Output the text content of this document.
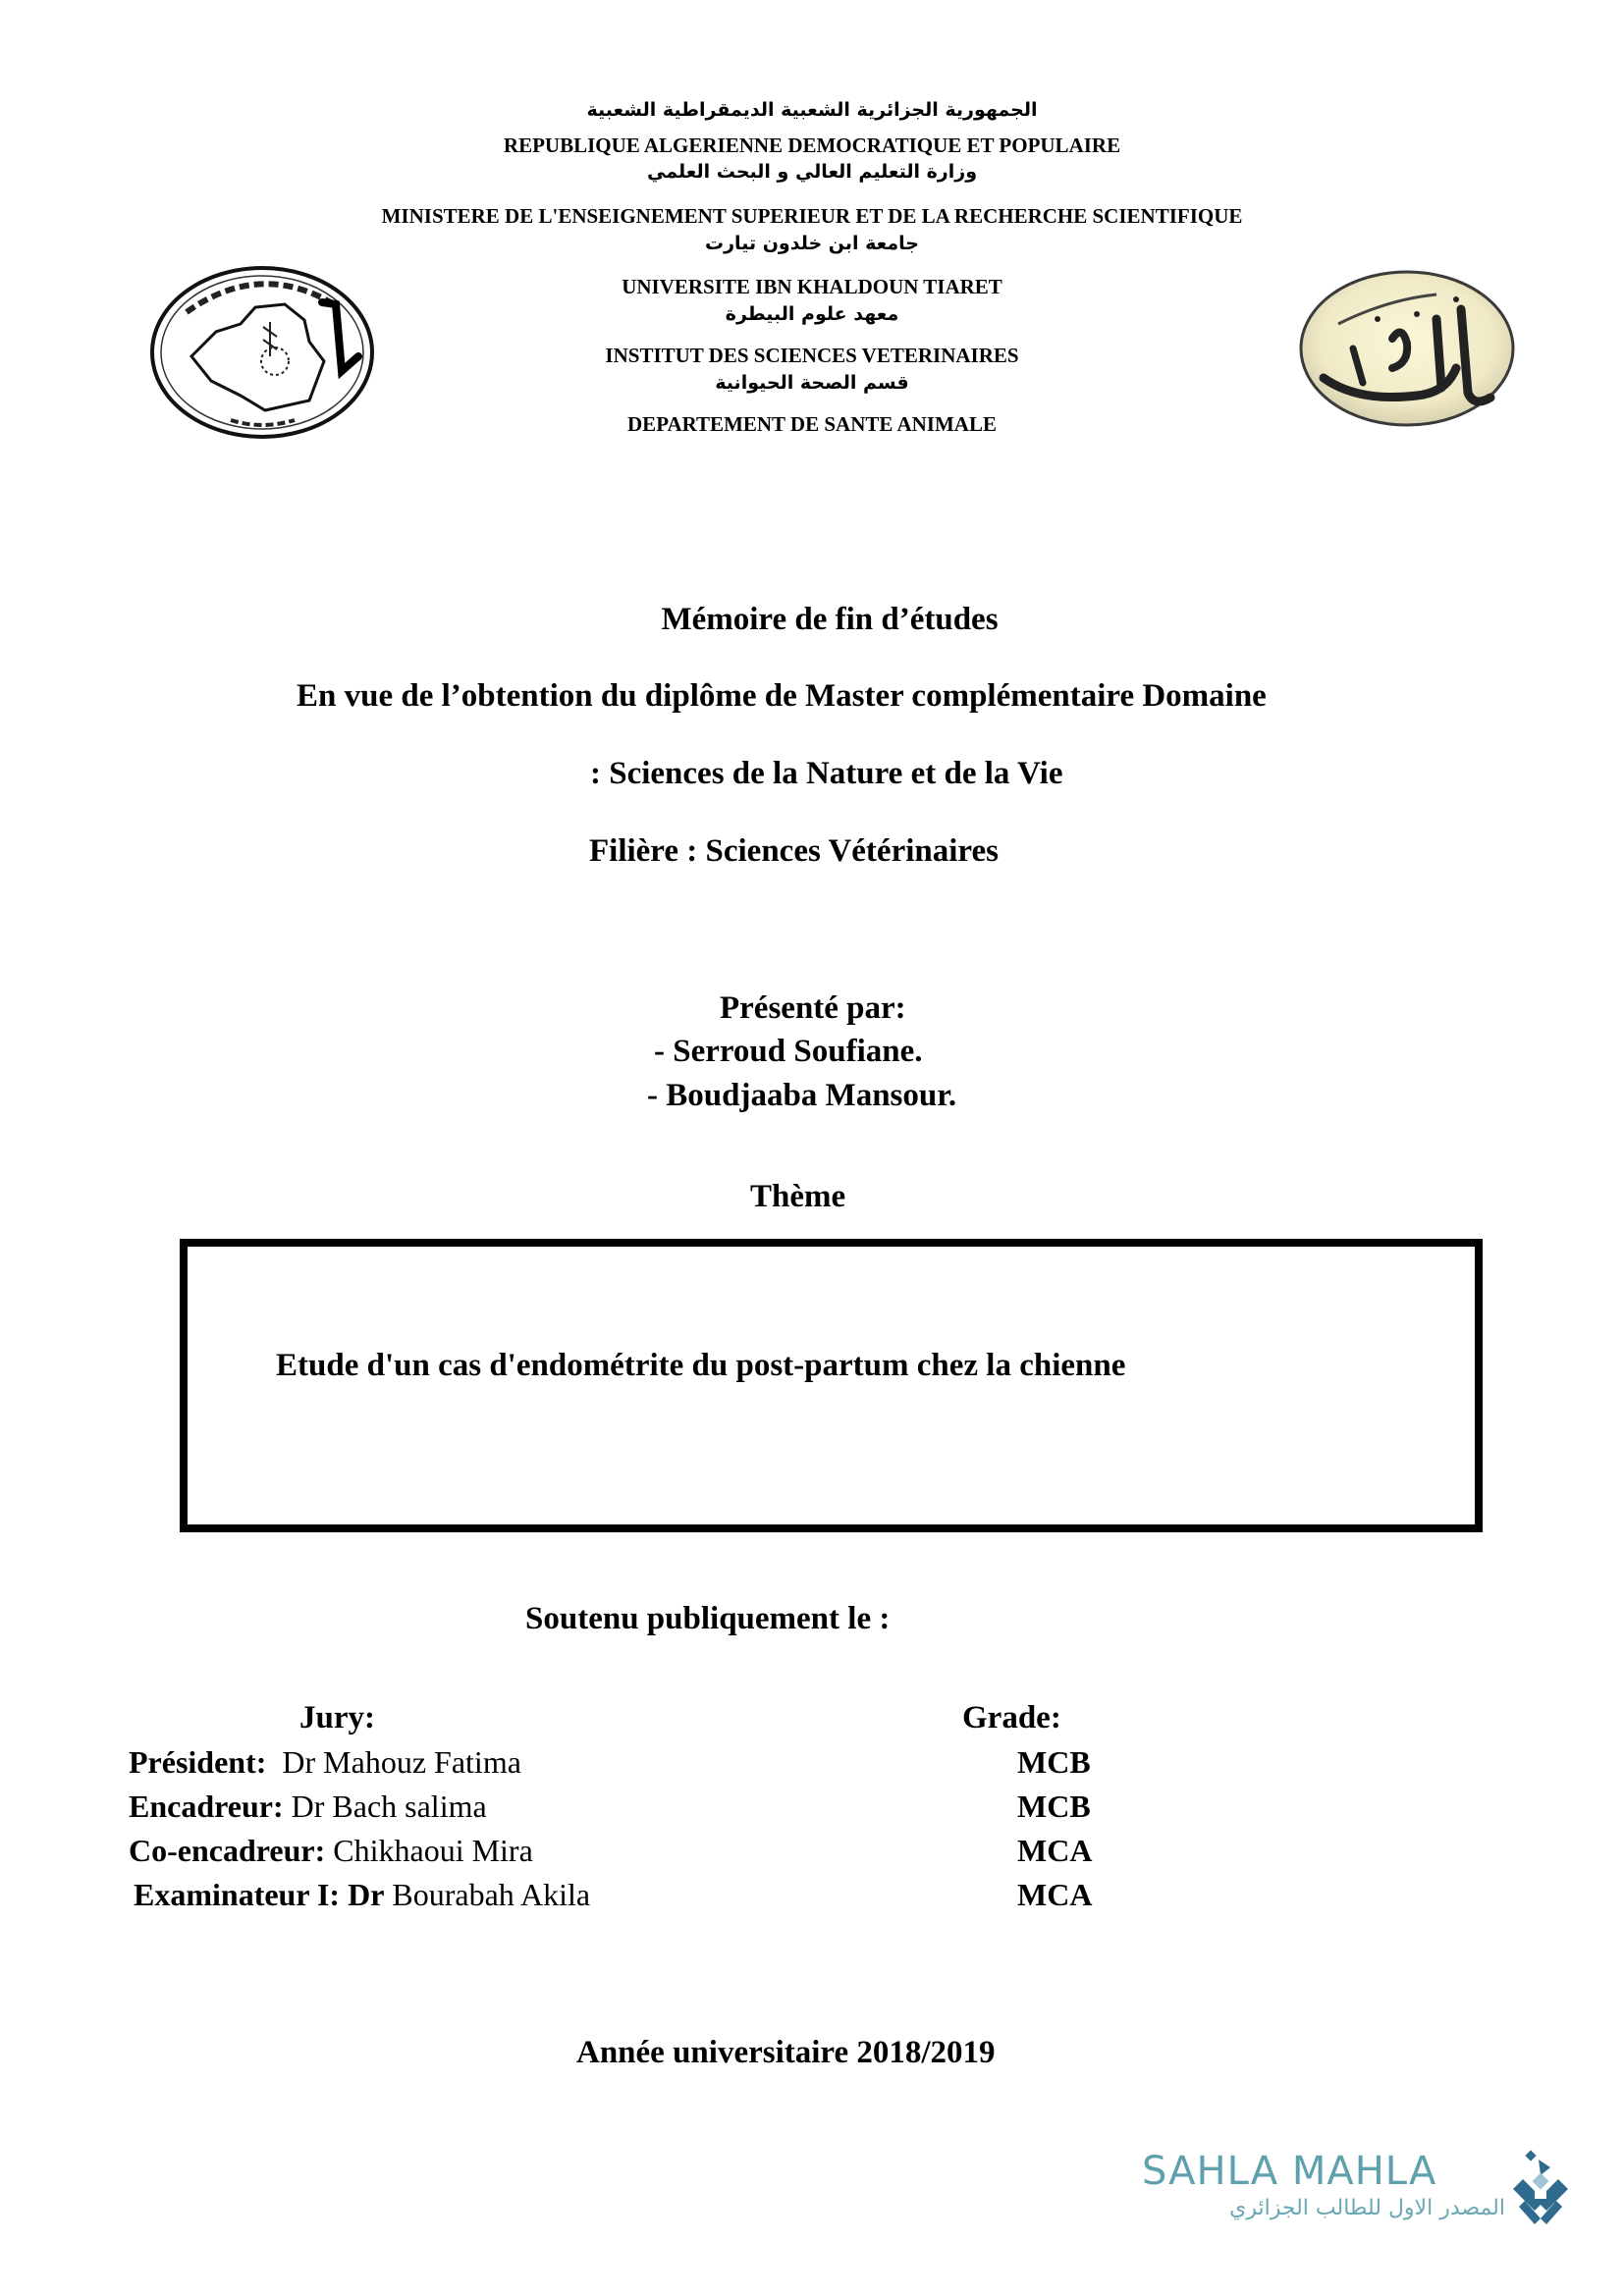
الجمهورية الجزائرية الشعبية الديمقراطية الشعبية
REPUBLIQUE ALGERIENNE DEMOCRATIQUE ET POPULAIRE
وزارة التعليم العالي و البحث العلمي
MINISTERE DE L'ENSEIGNEMENT SUPERIEUR ET DE LA RECHERCHE SCIENTIFIQUE
جامعة ابن خلدون تيارت
UNIVERSITE IBN KHALDOUN TIARET
معهد علوم البيطرة
INSTITUT DES SCIENCES VETERINAIRES
قسم الصحة الحيوانية
DEPARTEMENT DE SANTE ANIMALE
Mémoire de fin d’études
En vue de l’obtention du diplôme de Master complémentaire Domaine
: Sciences de la Nature et de la Vie
Filière : Sciences Vétérinaires
Présenté par:
- Serroud Soufiane.
- Boudjaaba Mansour.
Thème
Etude d'un cas d'endométrite du post-partum chez la chienne
Soutenu publiquement le :
Jury:	Grade:
Président:  Dr Mahouz Fatima
Encadreur: Dr Bach salima
Co-encadreur: Chikhaoui Mira
Examinateur I: Dr Bourabah Akila
MCB
MCB
MCA
MCA
Année universitaire 2018/2019
SAHLA MAHLA
المصدر الاول للطالب الجزائري
